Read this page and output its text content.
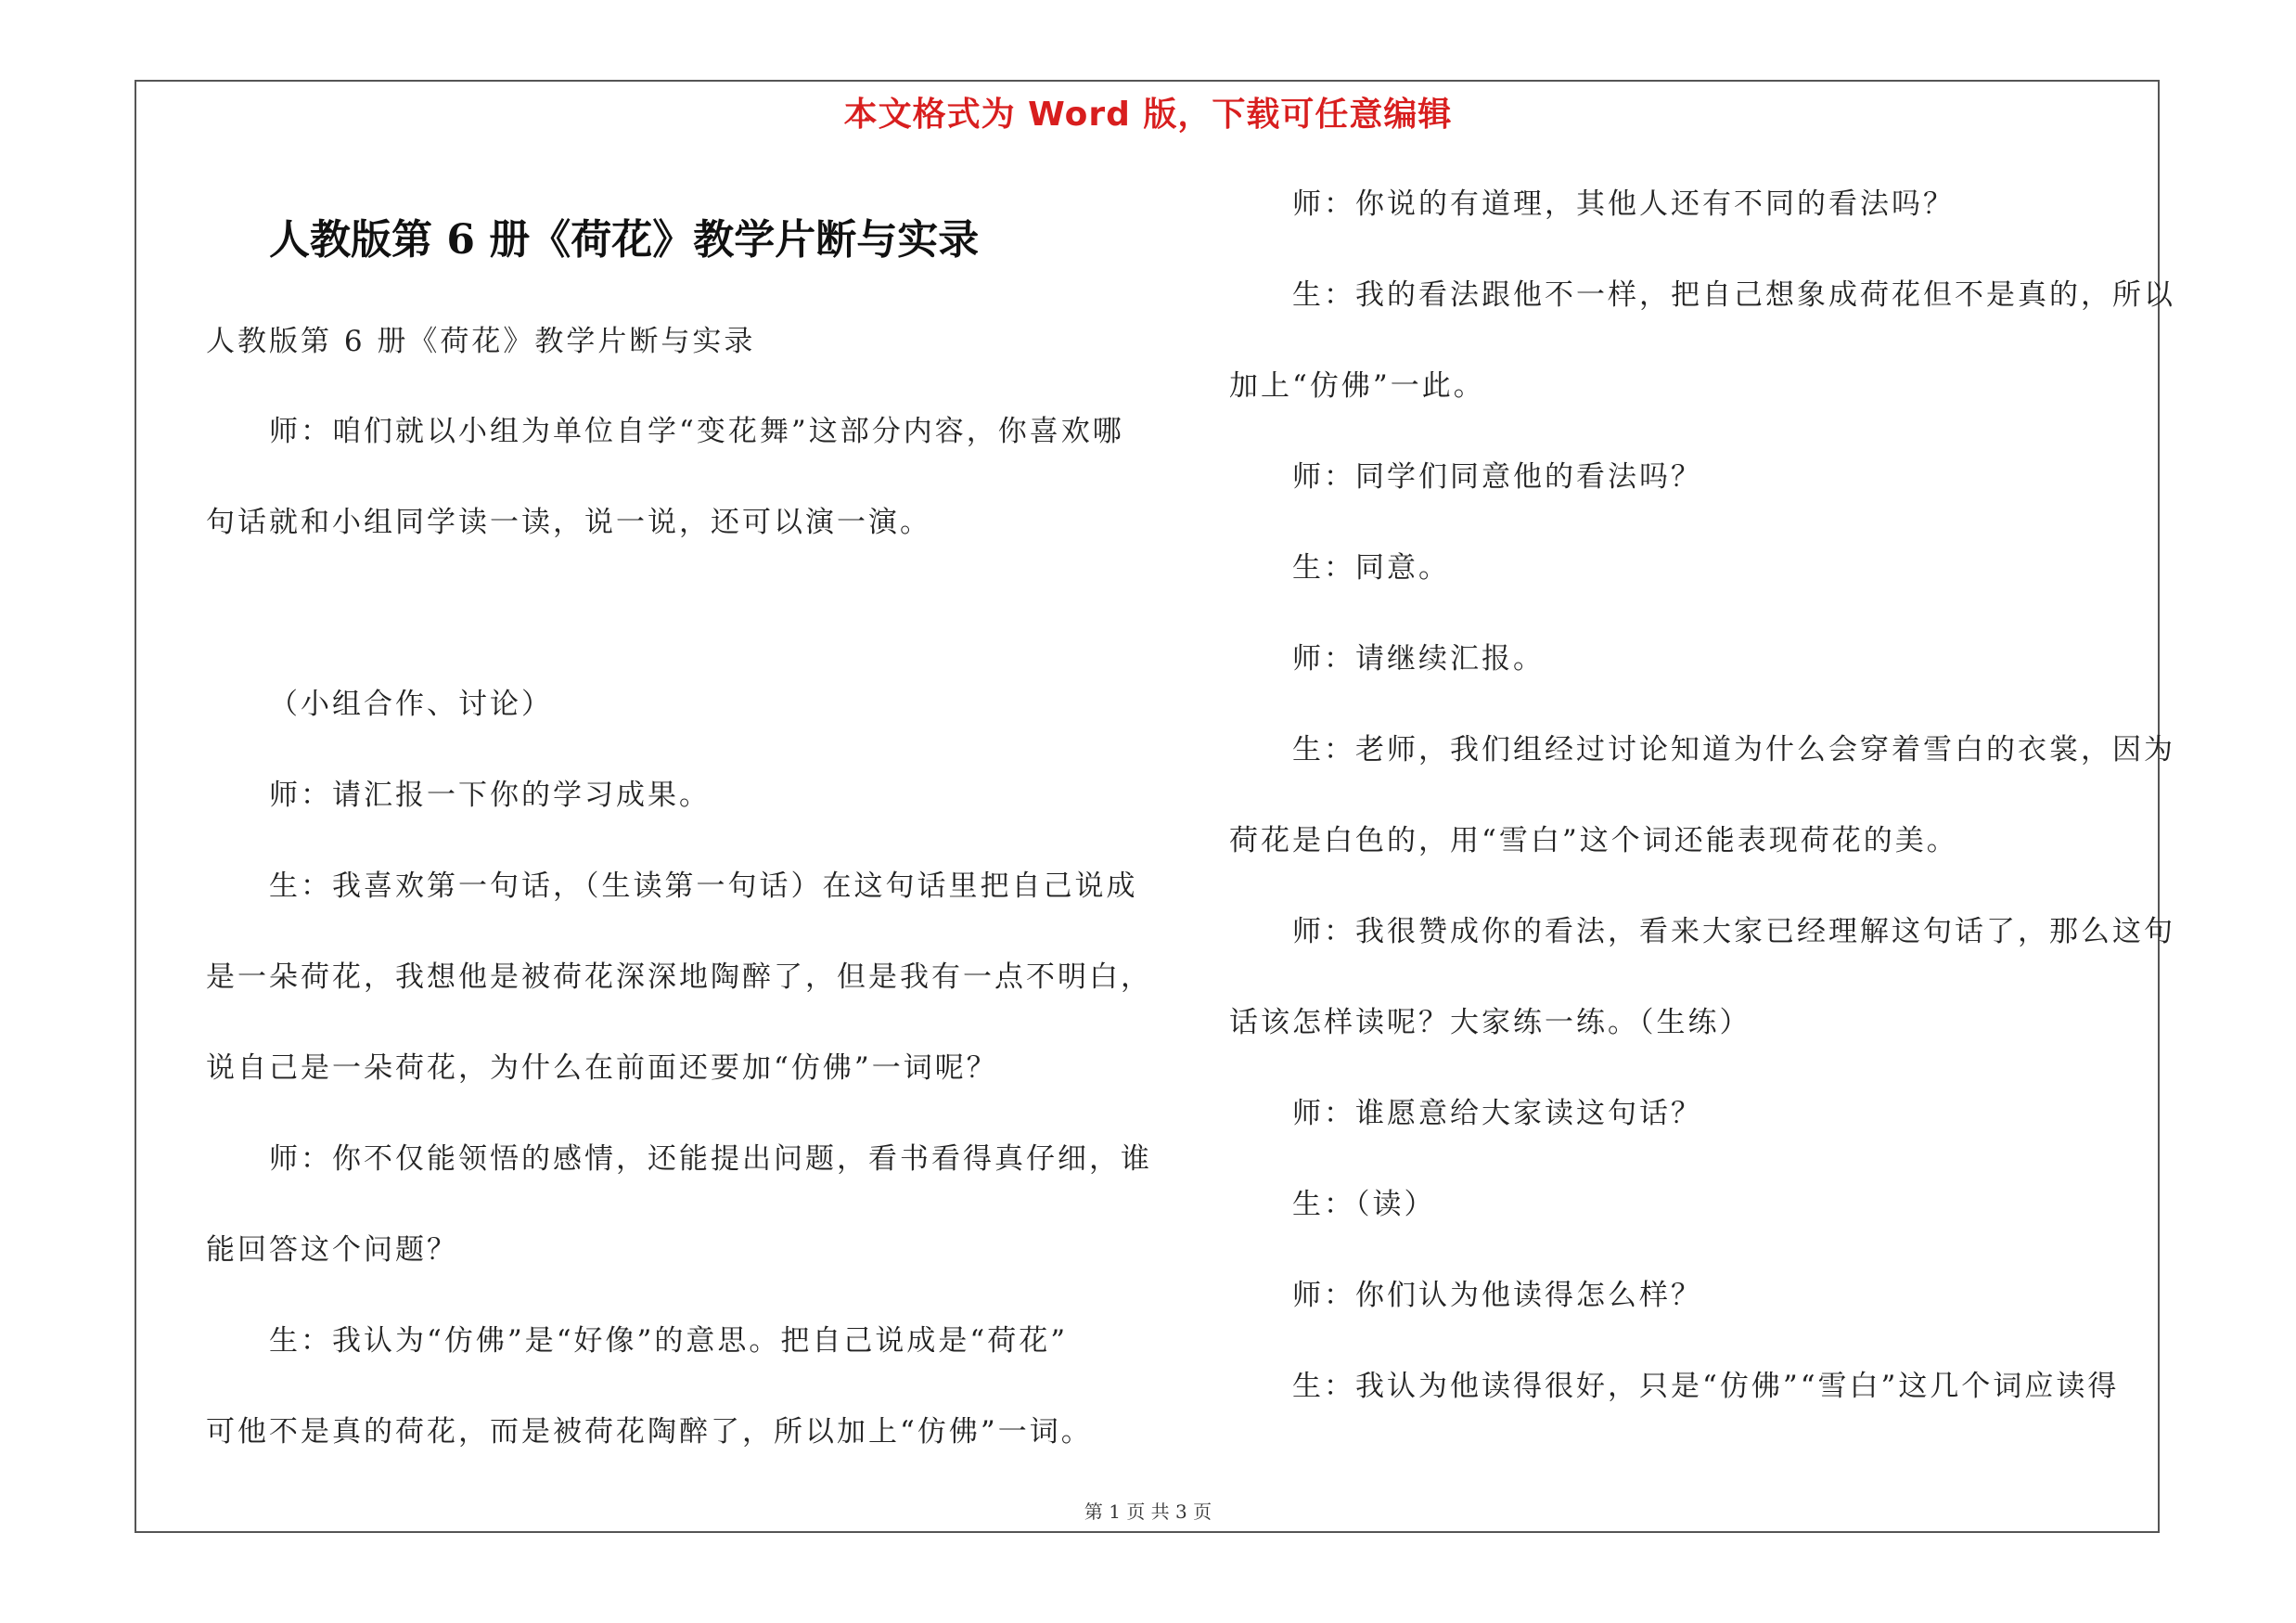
本文格式为 Word 版，下载可任意编辑
人教版第 6 册《荷花》教学片断与实录
人教版第 6 册《荷花》教学片断与实录
师：咱们就以小组为单位自学“变花舞”这部分内容，你喜欢哪
句话就和小组同学读一读，说一说，还可以演一演。
（小组合作、讨论）
师：请汇报一下你的学习成果。
生：我喜欢第一句话，（生读第一句话）在这句话里把自己说成
是一朵荷花，我想他是被荷花深深地陶醉了，但是我有一点不明白，
说自己是一朵荷花，为什么在前面还要加“仿佛”一词呢？
师：你不仅能领悟的感情，还能提出问题，看书看得真仔细，谁
能回答这个问题？
生：我认为“仿佛”是“好像”的意思。把自己说成是“荷花”
可他不是真的荷花，而是被荷花陶醉了，所以加上“仿佛”一词。
师：你说的有道理，其他人还有不同的看法吗？
生：我的看法跟他不一样，把自己想象成荷花但不是真的，所以
加上“仿佛”一此。
师：同学们同意他的看法吗？
生：同意。
师：请继续汇报。
生：老师，我们组经过讨论知道为什么会穿着雪白的衣裳，因为
荷花是白色的，用“雪白”这个词还能表现荷花的美。
师：我很赞成你的看法，看来大家已经理解这句话了，那么这句
话该怎样读呢？大家练一练。（生练）
师：谁愿意给大家读这句话？
生：（读）
师：你们认为他读得怎么样？
生：我认为他读得很好，只是“仿佛”“雪白”这几个词应读得
第 1 页 共 3 页
